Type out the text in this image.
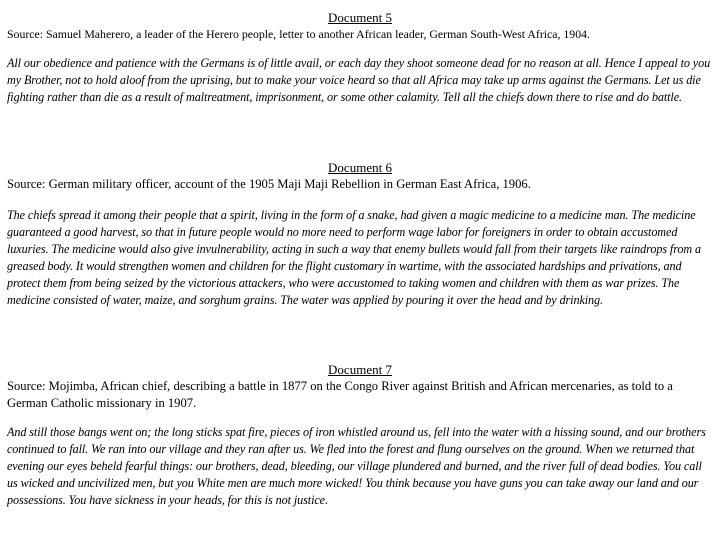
Document 5

Source: Samuel Maherero, a leader of the Herero people, letter to another African leader, German South-West Africa, 1904.

All our obedience and patience with the Germans is of little avail, or each day they shoot someone dead for no reason at all. Hence I appeal to you my Brother, not to hold aloof from the uprising, but to make your voice heard so that all Africa may take up arms against the Germans. Let us die fighting rather than die as a result of maltreatment, imprisonment, or some other calamity. Tell all the chiefs down there to rise and do battle.

Document 6

Source: German military officer, account of the 1905 Maji Maji Rebellion in German East Africa, 1906.

The chiefs spread it among their people that a spirit, living in the form of a snake, had given a magic medicine to a medicine man. The medicine guaranteed a good harvest, so that in future people would no more need to perform wage labor for foreigners in order to obtain accustomed luxuries. The medicine would also give invulnerability, acting in such a way that enemy bullets would fall from their targets like raindrops from a greased body. It would strengthen women and children for the flight customary in wartime, with the associated hardships and privations, and protect them from being seized by the victorious attackers, who were accustomed to taking women and children with them as war prizes. The medicine consisted of water, maize, and sorghum grains. The water was applied by pouring it over the head and by drinking.

Document 7

Source: Mojimba, African chief, describing a battle in 1877 on the Congo River against British and African mercenaries, as told to a German Catholic missionary in 1907.

And still those bangs went on; the long sticks spat fire, pieces of iron whistled around us, fell into the water with a hissing sound, and our brothers continued to fall. We ran into our village and they ran after us. We fled into the forest and flung ourselves on the ground. When we returned that evening our eyes beheld fearful things: our brothers, dead, bleeding, our village plundered and burned, and the river full of dead bodies. You call us wicked and uncivilized men, but you White men are much more wicked! You think because you have guns you can take away our land and our possessions. You have sickness in your heads, for this is not justice.
